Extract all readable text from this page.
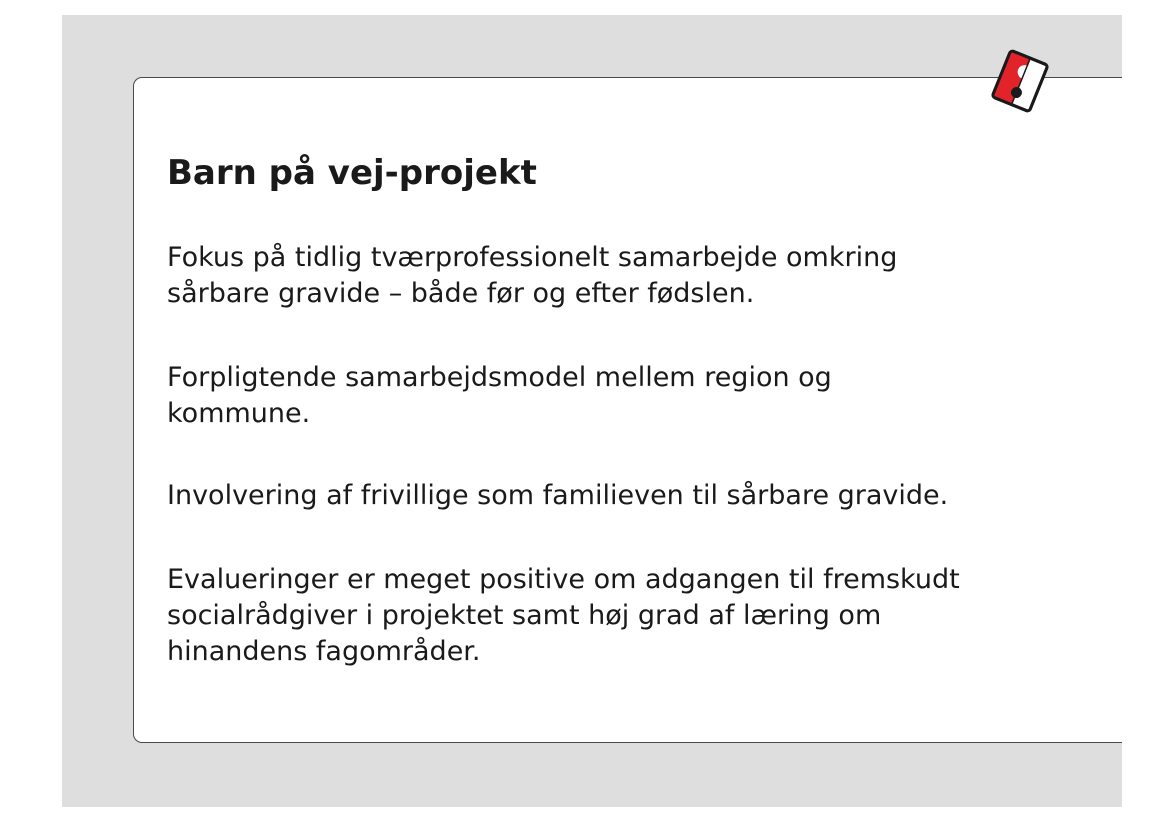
Barn på vej-projekt

Fokus på tidlig tværprofessionelt samarbejde omkring
sårbare gravide – både før og efter fødslen.

Forpligtende samarbejdsmodel mellem region og
kommune.

Involvering af frivillige som familieven til sårbare gravide.

Evalueringer er meget positive om adgangen til fremskudt
socialrådgiver i projektet samt høj grad af læring om
hinandens fagområder.
